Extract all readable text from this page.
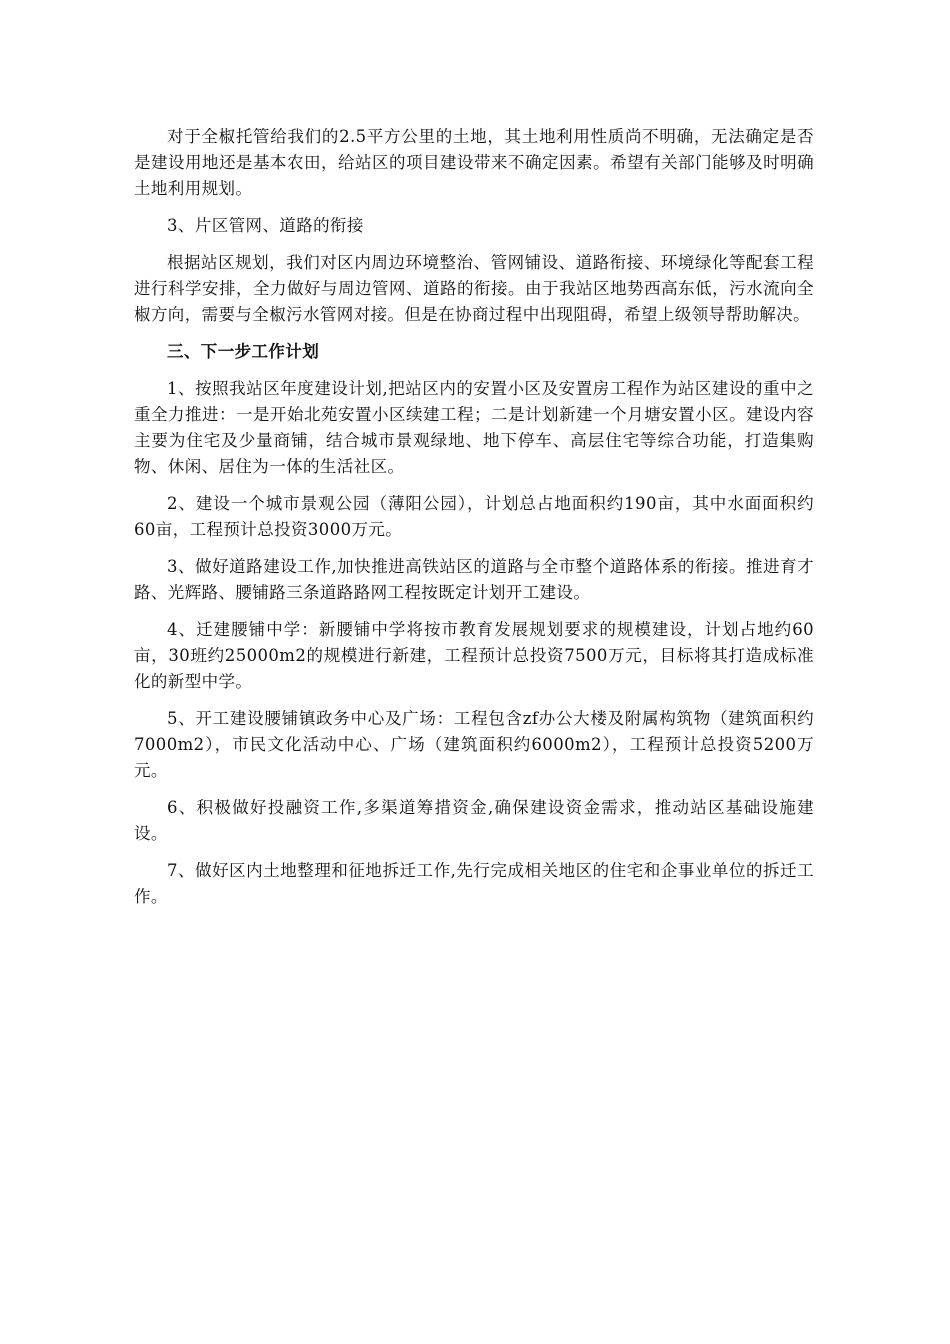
对于全椒托管给我们的2.5平方公里的土地，其土地利用性质尚不明确，无法确定是否是建设用地还是基本农田，给站区的项目建设带来不确定因素。希望有关部门能够及时明确土地利用规划。

3、片区管网、道路的衔接

根据站区规划，我们对区内周边环境整治、管网铺设、道路衔接、环境绿化等配套工程进行科学安排，全力做好与周边管网、道路的衔接。由于我站区地势西高东低，污水流向全椒方向，需要与全椒污水管网对接。但是在协商过程中出现阻碍，希望上级领导帮助解决。

三、下一步工作计划

1、按照我站区年度建设计划,把站区内的安置小区及安置房工程作为站区建设的重中之重全力推进：一是开始北苑安置小区续建工程；二是计划新建一个月塘安置小区。建设内容主要为住宅及少量商铺，结合城市景观绿地、地下停车、高层住宅等综合功能，打造集购物、休闲、居住为一体的生活社区。

2、建设一个城市景观公园（薄阳公园），计划总占地面积约190亩，其中水面面积约60亩，工程预计总投资3000万元。

3、做好道路建设工作,加快推进高铁站区的道路与全市整个道路体系的衔接。推进育才路、光辉路、腰铺路三条道路路网工程按既定计划开工建设。

4、迁建腰铺中学：新腰铺中学将按市教育发展规划要求的规模建设，计划占地约60亩，30班约25000m2的规模进行新建，工程预计总投资7500万元，目标将其打造成标准化的新型中学。

5、开工建设腰铺镇政务中心及广场：工程包含zf办公大楼及附属构筑物（建筑面积约7000m2），市民文化活动中心、广场（建筑面积约6000m2），工程预计总投资5200万元。

6、积极做好投融资工作,多渠道筹措资金,确保建设资金需求，推动站区基础设施建设。

7、做好区内土地整理和征地拆迁工作,先行完成相关地区的住宅和企事业单位的拆迁工作。
